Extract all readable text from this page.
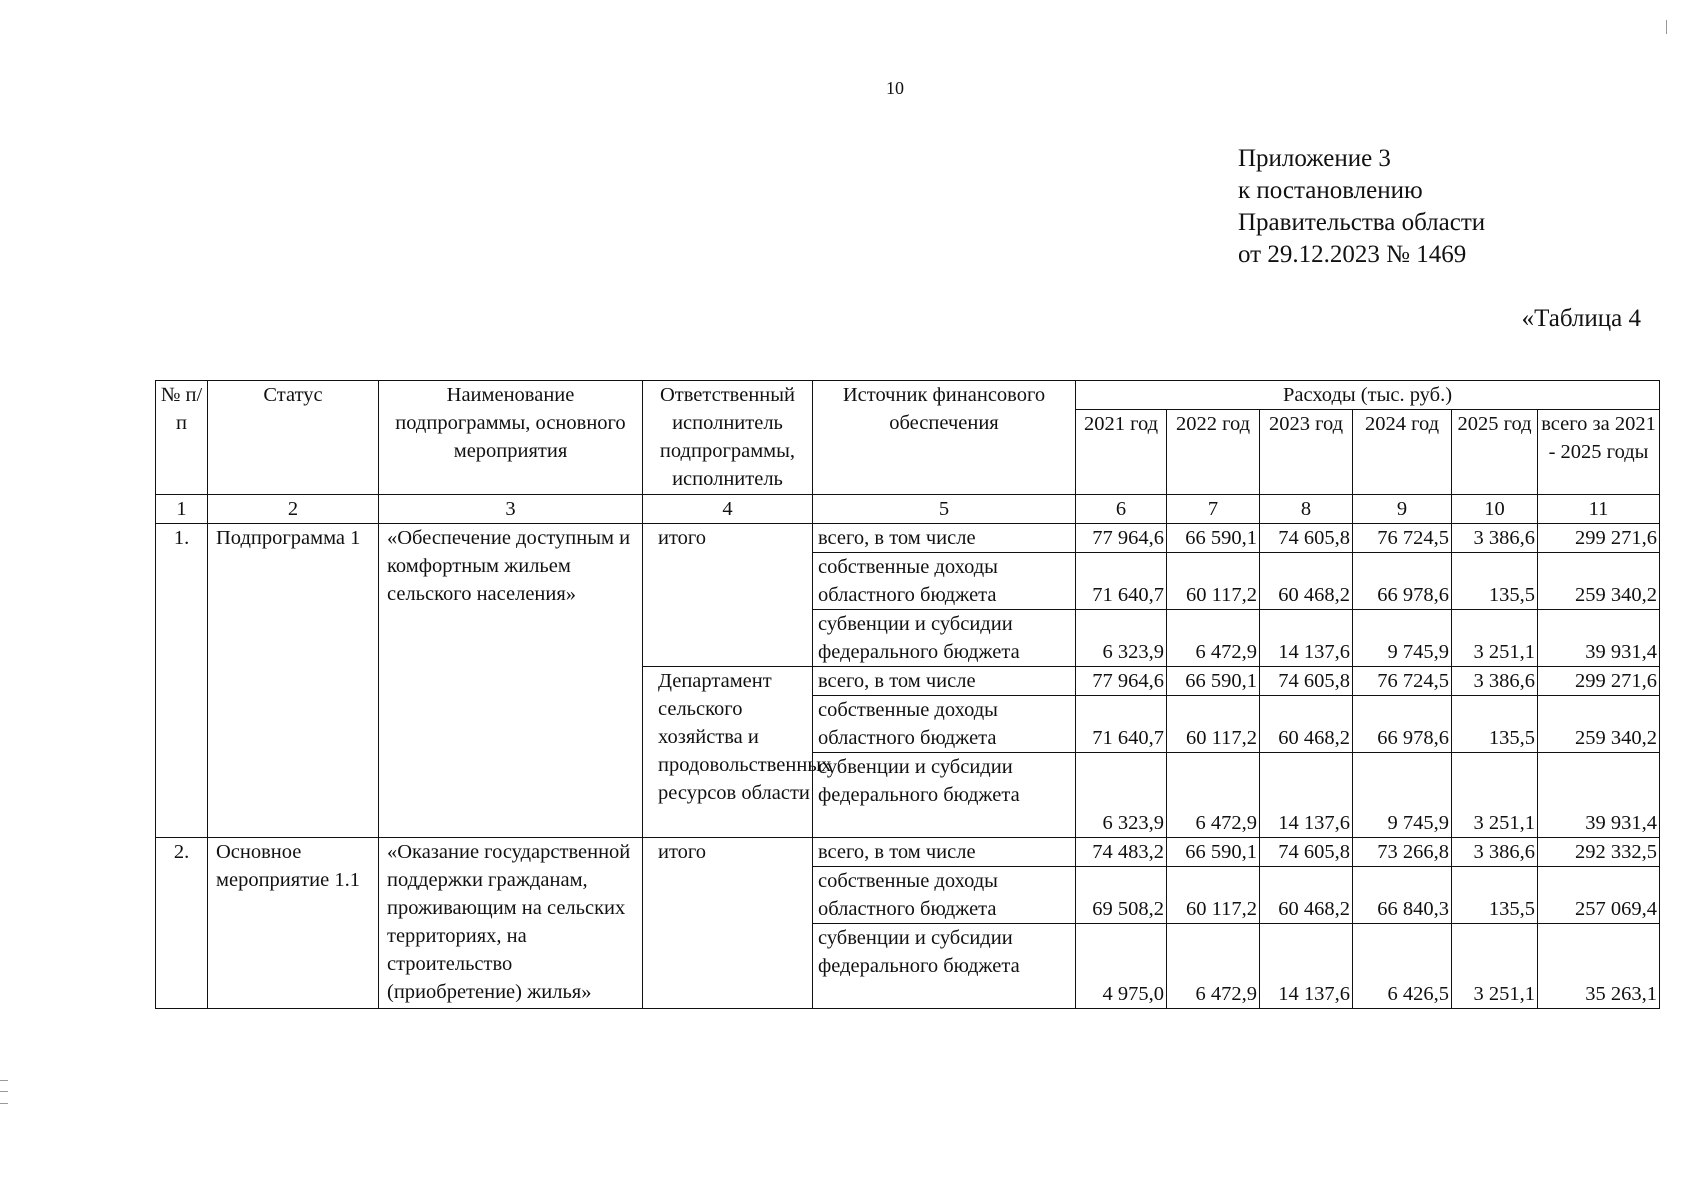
10
Приложение 3
к постановлению
Правительства области
от 29.12.2023 № 1469
«Таблица 4
№ п/п	Статус	Наименование подпрограммы, основного мероприятия	Ответственный исполнитель подпрограммы, исполнитель	Источник финансового обеспечения	Расходы (тыс. руб.)					
					2021 год	2022 год	2023 год	2024 год	2025 год	всего за 2021 - 2025 годы
1	2	3	4	5	6	7	8	9	10	11
1.	Подпрограмма 1	«Обеспечение доступным и комфортным жильем сельского населения»	итого	всего, в том числе	77 964,6	66 590,1	74 605,8	76 724,5	3 386,6	299 271,6
				собственные доходы областного бюджета	71 640,7	60 117,2	60 468,2	66 978,6	135,5	259 340,2
				субвенции и субсидии федерального бюджета	6 323,9	6 472,9	14 137,6	9 745,9	3 251,1	39 931,4
			Департамент сельского хозяйства и продовольственных ресурсов области	всего, в том числе	77 964,6	66 590,1	74 605,8	76 724,5	3 386,6	299 271,6
				собственные доходы областного бюджета	71 640,7	60 117,2	60 468,2	66 978,6	135,5	259 340,2
				субвенции и субсидии федерального бюджета	6 323,9	6 472,9	14 137,6	9 745,9	3 251,1	39 931,4
2.	Основное мероприятие 1.1	«Оказание государственной поддержки гражданам, проживающим на сельских территориях, на строительство (приобретение) жилья»	итого	всего, в том числе	74 483,2	66 590,1	74 605,8	73 266,8	3 386,6	292 332,5
				собственные доходы областного бюджета	69 508,2	60 117,2	60 468,2	66 840,3	135,5	257 069,4
				субвенции и субсидии федерального бюджета	4 975,0	6 472,9	14 137,6	6 426,5	3 251,1	35 263,1
